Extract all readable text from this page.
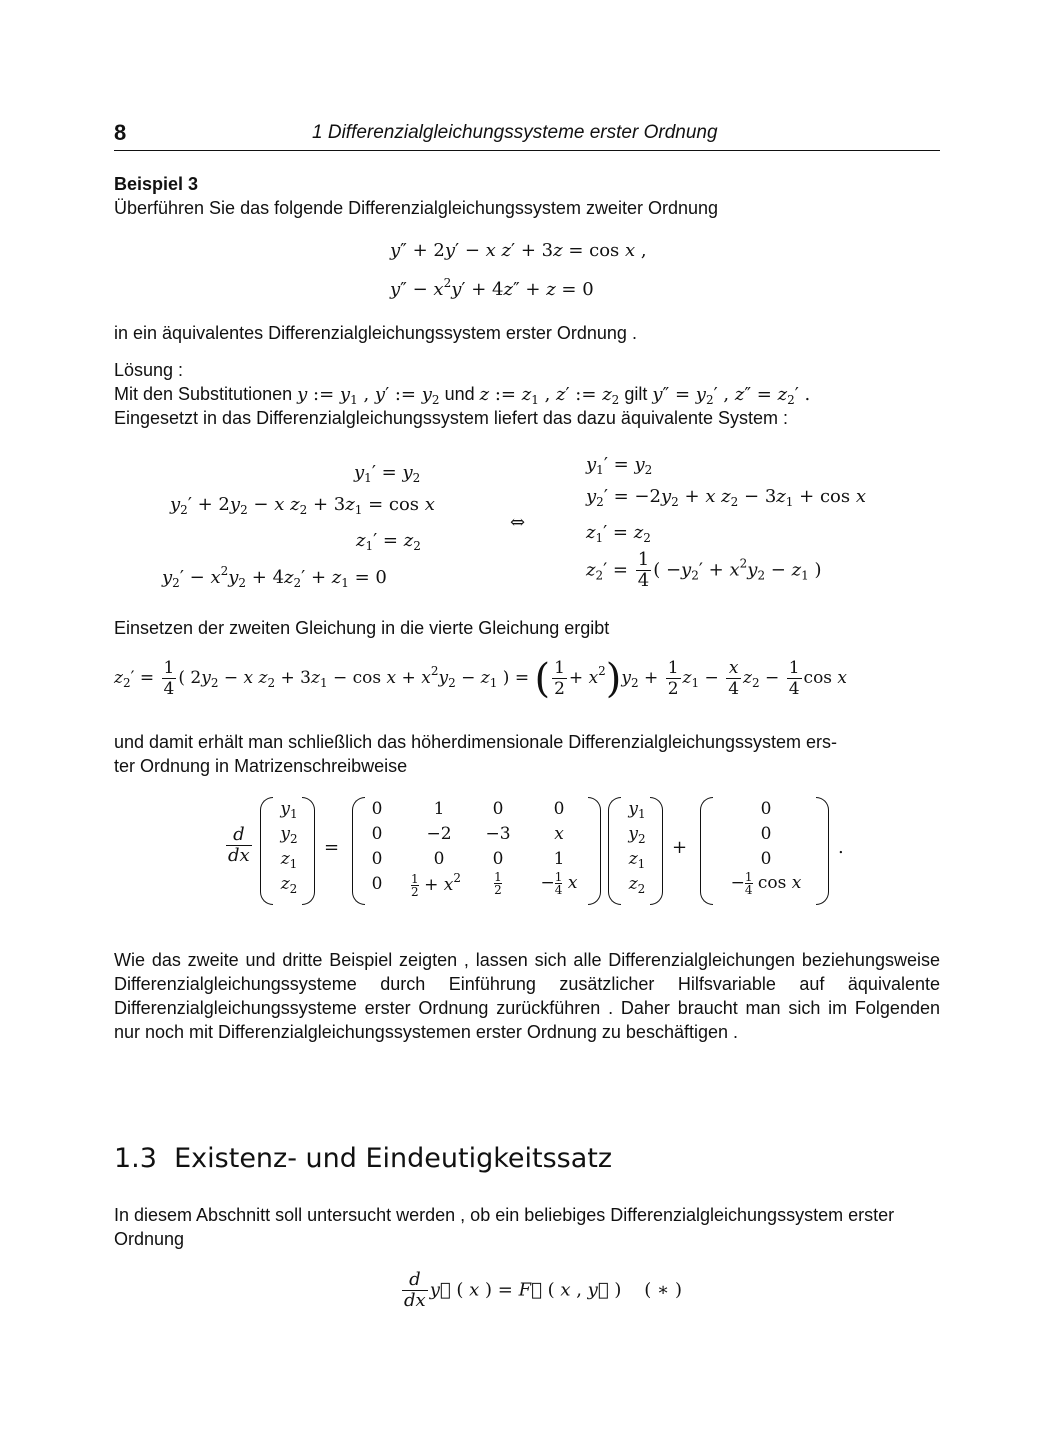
8	1 Differenzialgleichungssysteme erster Ordnung
Beispiel 3
Überführen Sie das folgende Differenzialgleichungssystem zweiter Ordnung
y″ + 2y′ − x z′ + 3z = cos x ,
$y'' - x^2y' + 4z'' + z = 0$
in ein äquivalentes Differenzialgleichungssystem erster Ordnung .
Lösung :
Mit den Substitutionen y := $y_1$ , y′ := $y_2$ und z := $z_1$ , z′ := $z_2$ gilt $y'' = y_2'$ , $z'' = z_2'$ .
Eingesetzt in das Differenzialgleichungssystem liefert das dazu äquivalente System :
$y_1' = y_2$
$y_2' + 2y_2 - x$ $z_2 + 3z_1 = \cos x$
$z_1' = z_2$
$y_2' - x^2y_2 + 4z_2' + z_1 = 0$
⇔
$y_1' = y_2$
$y_2' = -2y_2 + x$ $z_2 - 3z_1 + \cos x$
$z_1' = z_2$
$z_2' = \frac{1}{4}$ ( $-y_2' + x^2y_2 - z_1$ )
Einsetzen der zweiten Gleichung in die vierte Gleichung ergibt
$z_2' = \frac{1}{4}$ ( $2y_2 - x$ $z_2 + 3z_1 - \cos x + x^2y_2 - z_1$ ) = ( $\frac{1}{2} + x^2)y_2 + \frac{1}{2} z_1 - \frac{x}{4} z_2 - \frac{1}{4}$ cos x
und damit erhält man schließlich das höherdimensionale Differenzialgleichungssystem ers-
ter Ordnung in Matrizenschreibweise
$\frac{d}{dx}$
$y_1$
$y_2$
$z_1$
$z_2$
=
0	1	0	0
0	−2	−3	x
0	0	0	1
0	$\frac{1}{2} + x^2$	$\frac{1}{2}$	− $\frac{1}{4}$ x
$y_1$
$y_2$
$z_1$
$z_2$
+
0
0
0
− $\frac{1}{4}$ cos x
.
Wie das zweite und dritte Beispiel zeigten , lassen sich alle Differenzialgleichungen beziehungsweise Differenzialgleichungssysteme durch Einführung zusätzlicher Hilfsvariable auf äquivalente Differenzialgleichungssysteme erster Ordnung zurückführen . Daher braucht man sich im Folgenden nur noch mit Differenzialgleichungssystemen erster Ordnung zu beschäftigen .
1.3 Existenz- und Eindeutigkeitssatz
In diesem Abschnitt soll untersucht werden , ob ein beliebiges Differenzialgleichungssystem erster Ordnung
$\frac{d}{dx}$ y⃗ ( x ) = F⃗ ( x , y⃗ )    ( ∗ )
